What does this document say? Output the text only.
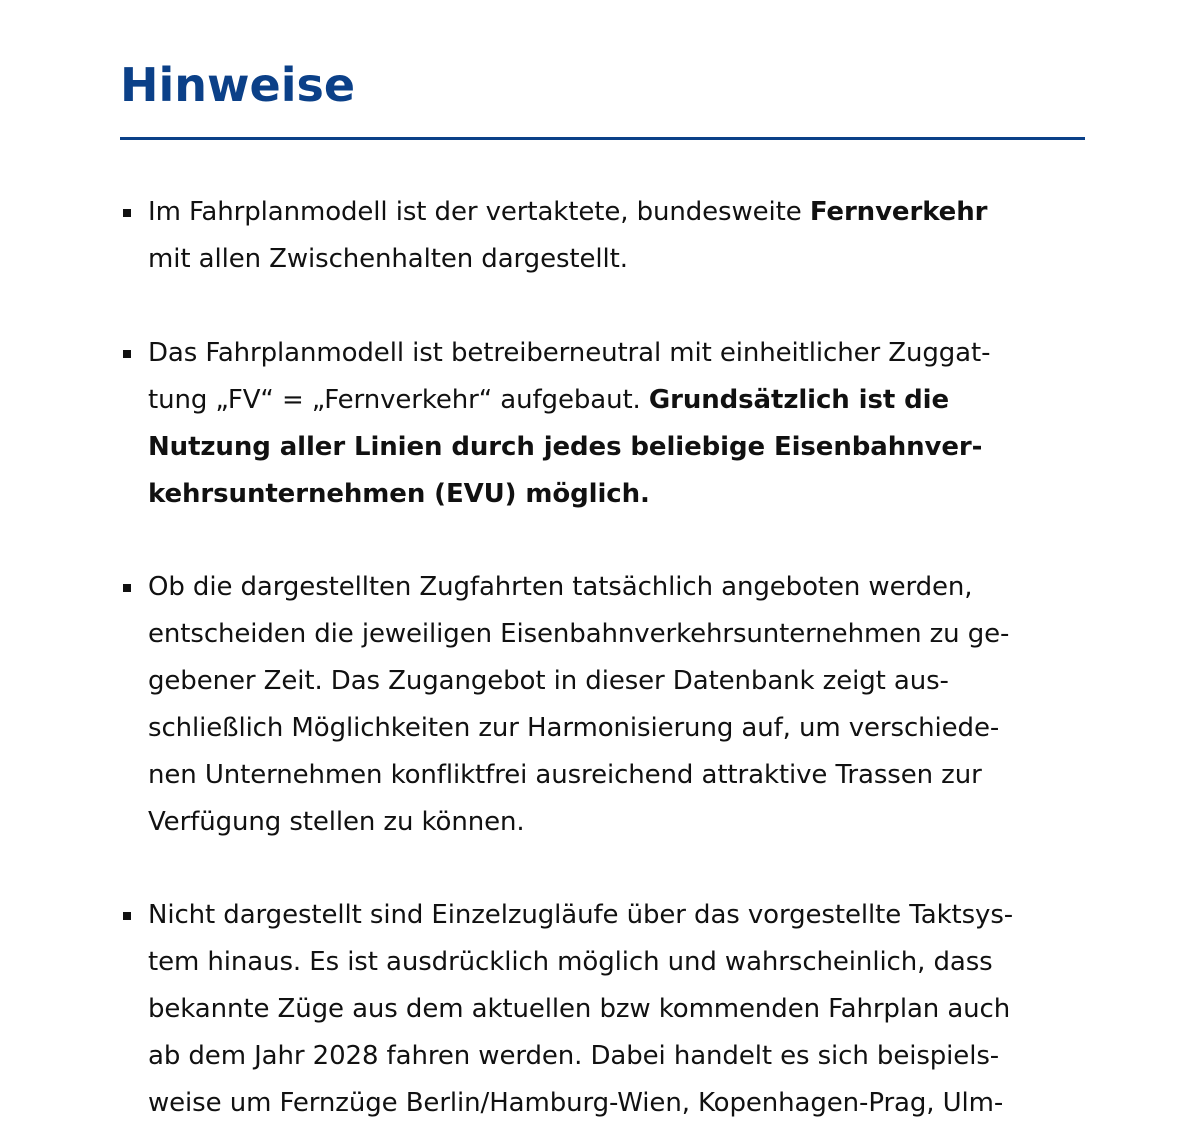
Hinweise
Im Fahrplanmodell ist der vertaktete, bundesweite Fernverkehr
mit allen Zwischenhalten dargestellt.
Das Fahrplanmodell ist betreiberneutral mit einheitlicher Zuggat-
tung „FV“ = „Fernverkehr“ aufgebaut. Grundsätzlich ist die
Nutzung aller Linien durch jedes beliebige Eisenbahnver-
kehrsunternehmen (EVU) möglich.
Ob die dargestellten Zugfahrten tatsächlich angeboten werden,
entscheiden die jeweiligen Eisenbahnverkehrsunternehmen zu ge-
gebener Zeit. Das Zugangebot in dieser Datenbank zeigt aus-
schließlich Möglichkeiten zur Harmonisierung auf, um verschiede-
nen Unternehmen konfliktfrei ausreichend attraktive Trassen zur
Verfügung stellen zu können.
Nicht dargestellt sind Einzelzugläufe über das vorgestellte Taktsys-
tem hinaus. Es ist ausdrücklich möglich und wahrscheinlich, dass
bekannte Züge aus dem aktuellen bzw kommenden Fahrplan auch
ab dem Jahr 2028 fahren werden. Dabei handelt es sich beispiels-
weise um Fernzüge Berlin/Hamburg-Wien, Kopenhagen-Prag, Ulm-
